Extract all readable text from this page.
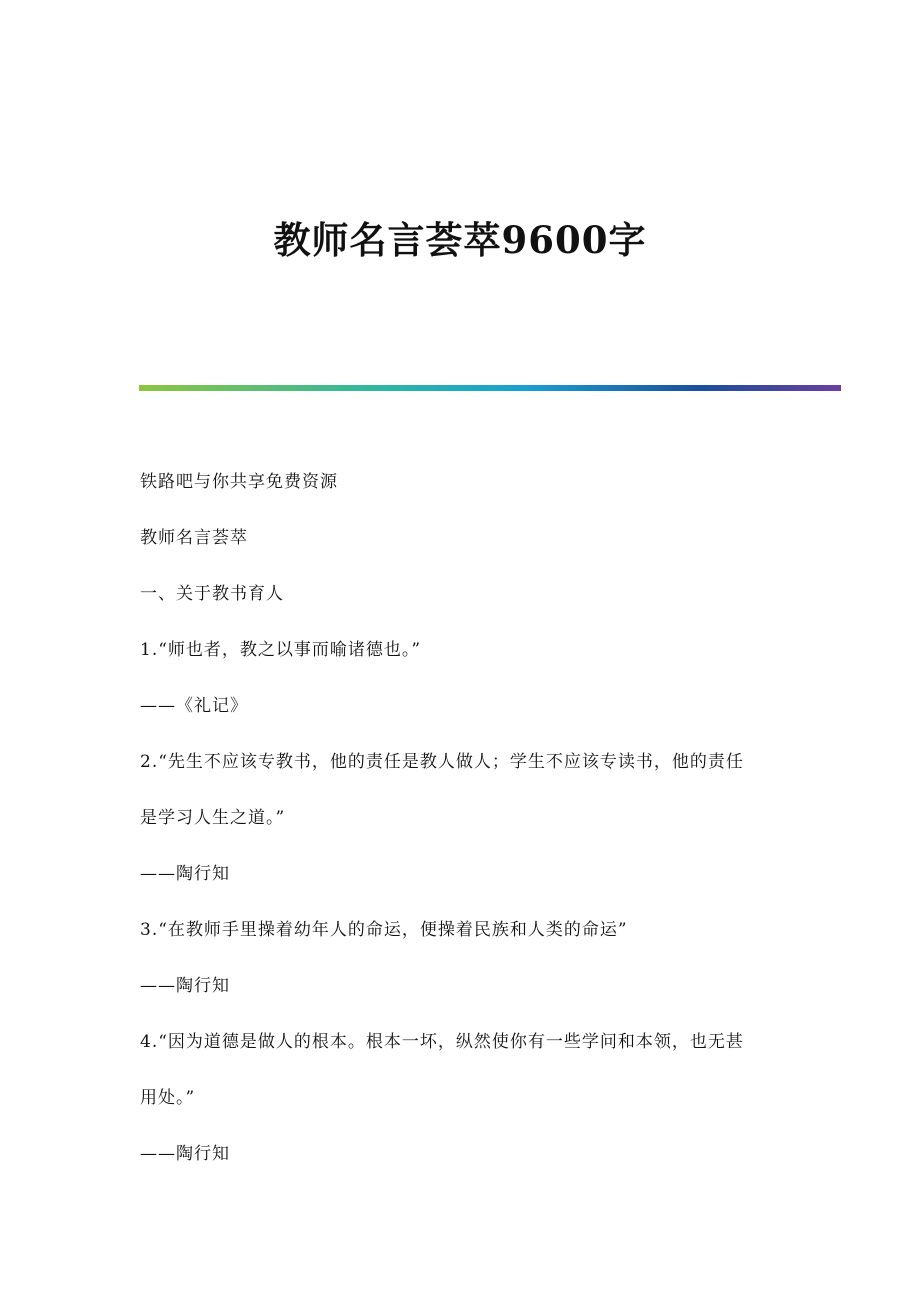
教师名言荟萃9600字
铁路吧与你共享免费资源
教师名言荟萃
一、关于教书育人
1.“师也者，教之以事而喻诸德也。”
——《礼记》
2.“先生不应该专教书，他的责任是教人做人；学生不应该专读书，他的责任
是学习人生之道。”
——陶行知
3.“在教师手里操着幼年人的命运，便操着民族和人类的命运”
——陶行知
4.“因为道德是做人的根本。根本一坏，纵然使你有一些学问和本领，也无甚
用处。”
——陶行知
